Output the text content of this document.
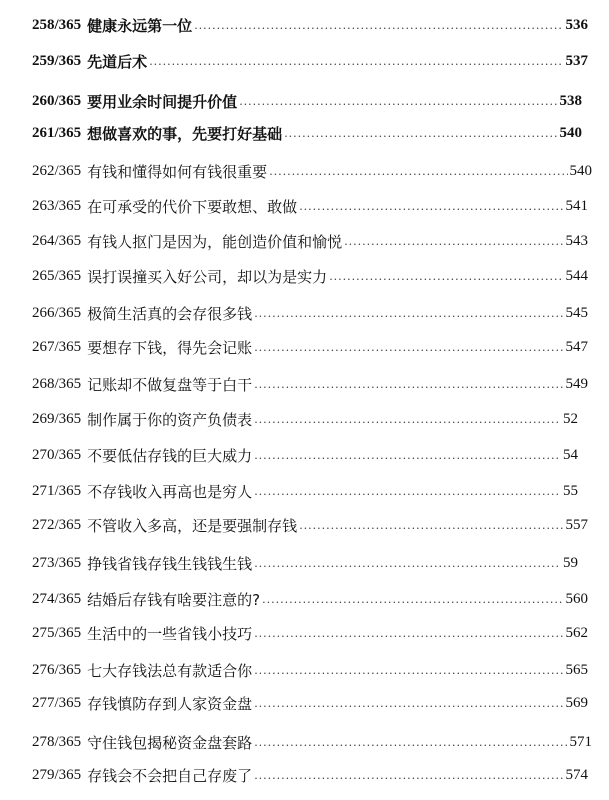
258/365 健康永远第一位 .....	536
259/365 先道后术 .....	537
260/365 要用业余时间提升价值 .....	538
261/365 想做喜欢的事，先要打好基础 .....	540
262/365 有钱和懂得如何有钱很重要 .....	540
263/365 在可承受的代价下要敢想、敢做 .....	541
264/365 有钱人抠门是因为，能创造价值和愉悦 .....	543
265/365 误打误撞买入好公司，却以为是实力 .....	544
266/365 极简生活真的会存很多钱 .....	545
267/365 要想存下钱，得先会记账 .....	547
268/365 记账却不做复盘等于白干 .....	549
269/365 制作属于你的资产负债表 .....	52
270/365 不要低估存钱的巨大威力 .....	54
271/365 不存钱收入再高也是穷人 .....	55
272/365 不管收入多高，还是要强制存钱 .....	557
273/365 挣钱省钱存钱生钱钱生钱 .....	59
274/365 结婚后存钱有啥要注意的? .....	560
275/365 生活中的一些省钱小技巧 .....	562
276/365 七大存钱法总有款适合你 .....	565
277/365 存钱慎防存到人家资金盘 .....	569
278/365 守住钱包揭秘资金盘套路 .....	571
279/365 存钱会不会把自己存废了 .....	574
